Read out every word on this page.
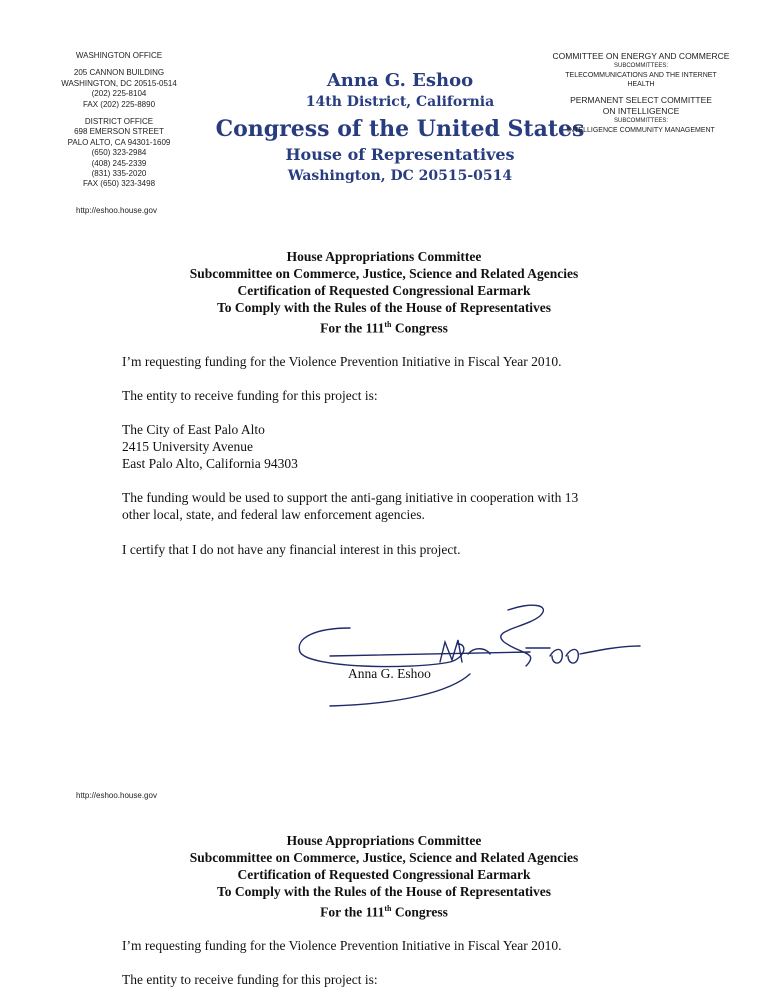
WASHINGTON OFFICE
205 CANNON BUILDING
WASHINGTON, DC 20515-0514
(202) 225-8104
FAX (202) 225-8890
DISTRICT OFFICE
698 EMERSON STREET
PALO ALTO, CA 94301-1609
(650) 323-2984
(408) 245-2339
(831) 335-2020
FAX (650) 323-3498
http://eshoo.house.gov
Anna G. Eshoo
14th District, California
Congress of the United States
House of Representatives
Washington, DC 20515-0514
COMMITTEE ON ENERGY AND COMMERCE
SUBCOMMITTEES:
TELECOMMUNICATIONS AND THE INTERNET
HEALTH
PERMANENT SELECT COMMITTEE ON INTELLIGENCE
SUBCOMMITTEES:
INTELLIGENCE COMMUNITY MANAGEMENT
House Appropriations Committee
Subcommittee on Commerce, Justice, Science and Related Agencies
Certification of Requested Congressional Earmark
To Comply with the Rules of the House of Representatives
For the 111th Congress
I’m requesting funding for the Violence Prevention Initiative in Fiscal Year 2010.
The entity to receive funding for this project is:
The City of East Palo Alto
2415 University Avenue
East Palo Alto, California 94303
The funding would be used to support the anti-gang initiative in cooperation with 13
other local, state, and federal law enforcement agencies.
I certify that I do not have any financial interest in this project.
Anna G. Eshoo
http://eshoo.house.gov
House Appropriations Committee
Subcommittee on Commerce, Justice, Science and Related Agencies
Certification of Requested Congressional Earmark
To Comply with the Rules of the House of Representatives
For the 111th Congress
I’m requesting funding for the Violence Prevention Initiative in Fiscal Year 2010.
The entity to receive funding for this project is:
